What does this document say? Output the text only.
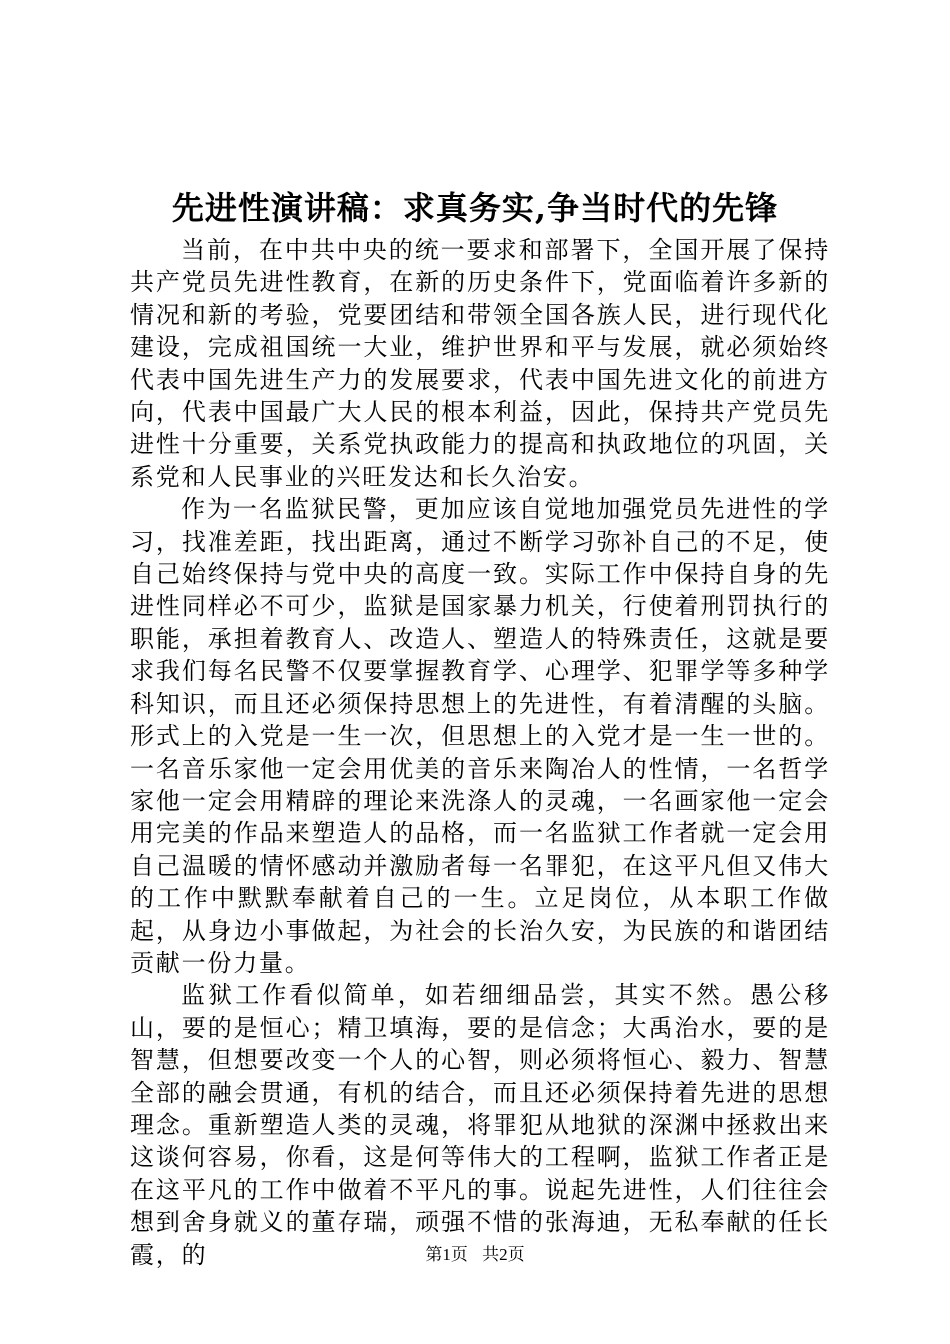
先进性演讲稿：求真务实,争当时代的先锋

当前，在中共中央的统一要求和部署下，全国开展了保持共产党员先进性教育，在新的历史条件下，党面临着许多新的情况和新的考验，党要团结和带领全国各族人民，进行现代化建设，完成祖国统一大业，维护世界和平与发展，就必须始终代表中国先进生产力的发展要求，代表中国先进文化的前进方向，代表中国最广大人民的根本利益，因此，保持共产党员先进性十分重要，关系党执政能力的提高和执政地位的巩固，关系党和人民事业的兴旺发达和长久治安。

作为一名监狱民警，更加应该自觉地加强党员先进性的学习，找准差距，找出距离，通过不断学习弥补自己的不足，使自己始终保持与党中央的高度一致。实际工作中保持自身的先进性同样必不可少，监狱是国家暴力机关，行使着刑罚执行的职能，承担着教育人、改造人、塑造人的特殊责任，这就是要求我们每名民警不仅要掌握教育学、心理学、犯罪学等多种学科知识，而且还必须保持思想上的先进性，有着清醒的头脑。形式上的入党是一生一次，但思想上的入党才是一生一世的。一名音乐家他一定会用优美的音乐来陶冶人的性情，一名哲学家他一定会用精辟的理论来洗涤人的灵魂，一名画家他一定会用完美的作品来塑造人的品格，而一名监狱工作者就一定会用自己温暖的情怀感动并激励者每一名罪犯，在这平凡但又伟大的工作中默默奉献着自己的一生。立足岗位，从本职工作做起，从身边小事做起，为社会的长治久安，为民族的和谐团结贡献一份力量。

监狱工作看似简单，如若细细品尝，其实不然。愚公移山，要的是恒心；精卫填海，要的是信念；大禹治水，要的是智慧，但想要改变一个人的心智，则必须将恒心、毅力、智慧全部的融会贯通，有机的结合，而且还必须保持着先进的思想理念。重新塑造人类的灵魂，将罪犯从地狱的深渊中拯救出来这谈何容易，你看，这是何等伟大的工程啊，监狱工作者正是在这平凡的工作中做着不平凡的事。说起先进性，人们往往会想到舍身就义的董存瑞，顽强不惜的张海迪，无私奉献的任长霞，的	第1页 共2页
